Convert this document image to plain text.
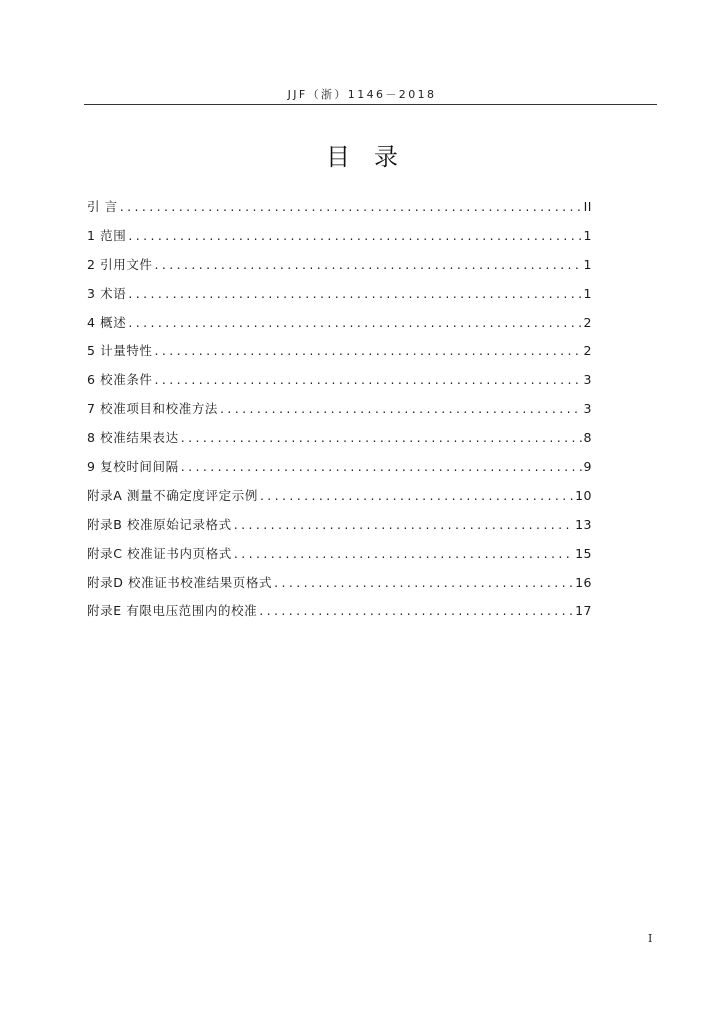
JJF（浙）1146－2018
目录
引 言 .....	II
1 范围 .....	1
2 引用文件 .....	1
3 术语 .....	1
4 概述 .....	2
5 计量特性 .....	2
6 校准条件 .....	3
7 校准项目和校准方法 .....	3
8 校准结果表达 .....	8
9 复校时间间隔 .....	9
附录A 测量不确定度评定示例 .....	10
附录B 校准原始记录格式 .....	13
附录C 校准证书内页格式 .....	15
附录D 校准证书校准结果页格式 .....	16
附录E 有限电压范围内的校准 .....	17
I
